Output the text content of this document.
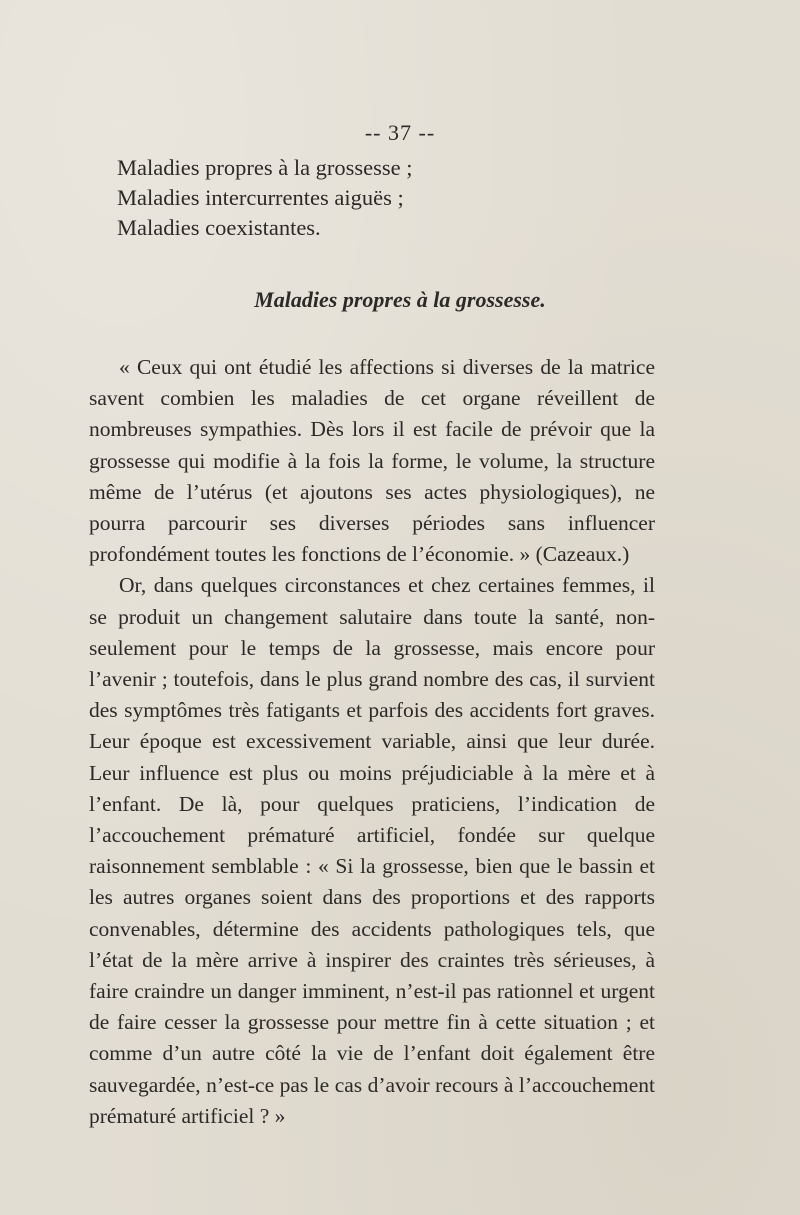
-- 37 --
Maladies propres à la grossesse ;
Maladies intercurrentes aiguës ;
Maladies coexistantes.
Maladies propres à la grossesse.

« Ceux qui ont étudié les affections si diverses de la matrice savent combien les maladies de cet organe réveillent de nombreuses sympathies. Dès lors il est facile de prévoir que la grossesse qui modifie à la fois la forme, le volume, la structure même de l’utérus (et ajoutons ses actes physiologiques), ne pourra parcourir ses diverses périodes sans influencer profondément toutes les fonctions de l’économie. » (Cazeaux.)

Or, dans quelques circonstances et chez certaines femmes, il se produit un changement salutaire dans toute la santé, non-seulement pour le temps de la grossesse, mais encore pour l’avenir ; toutefois, dans le plus grand nombre des cas, il survient des symptômes très fatigants et parfois des accidents fort graves. Leur époque est excessivement variable, ainsi que leur durée. Leur influence est plus ou moins préjudiciable à la mère et à l’enfant. De là, pour quelques praticiens, l’indication de l’accouchement prématuré artificiel, fondée sur quelque raisonnement semblable : « Si la grossesse, bien que le bassin et les autres organes soient dans des proportions et des rapports convenables, détermine des accidents pathologiques tels, que l’état de la mère arrive à inspirer des craintes très sérieuses, à faire craindre un danger imminent, n’est-il pas rationnel et urgent de faire cesser la grossesse pour mettre fin à cette situation ; et comme d’un autre côté la vie de l’enfant doit également être sauvegardée, n’est-ce pas le cas d’avoir recours à l’accouchement prématuré artificiel ? »
